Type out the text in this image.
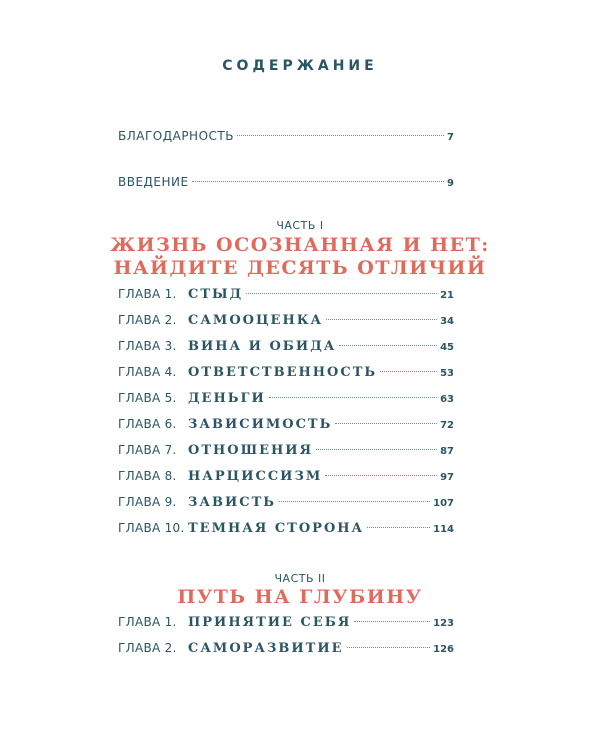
СОДЕРЖАНИЕ
БЛАГОДАРНОСТЬ	7
ВВЕДЕНИЕ	9
ЧАСТЬ I
ЖИЗНЬ ОСОЗНАННАЯ И НЕТ:
НАЙДИТЕ ДЕСЯТЬ ОТЛИЧИЙ
ГЛАВА 1. СТЫД	21
ГЛАВА 2. САМООЦЕНКА	34
ГЛАВА 3. ВИНА И ОБИДА	45
ГЛАВА 4. ОТВЕТСТВЕННОСТЬ	53
ГЛАВА 5. ДЕНЬГИ	63
ГЛАВА 6. ЗАВИСИМОСТЬ	72
ГЛАВА 7. ОТНОШЕНИЯ	87
ГЛАВА 8. НАРЦИССИЗМ	97
ГЛАВА 9. ЗАВИСТЬ	107
ГЛАВА 10. ТЕМНАЯ СТОРОНА	114
ЧАСТЬ II
ПУТЬ НА ГЛУБИНУ
ГЛАВА 1. ПРИНЯТИЕ СЕБЯ	123
ГЛАВА 2. САМОРАЗВИТИЕ	126
